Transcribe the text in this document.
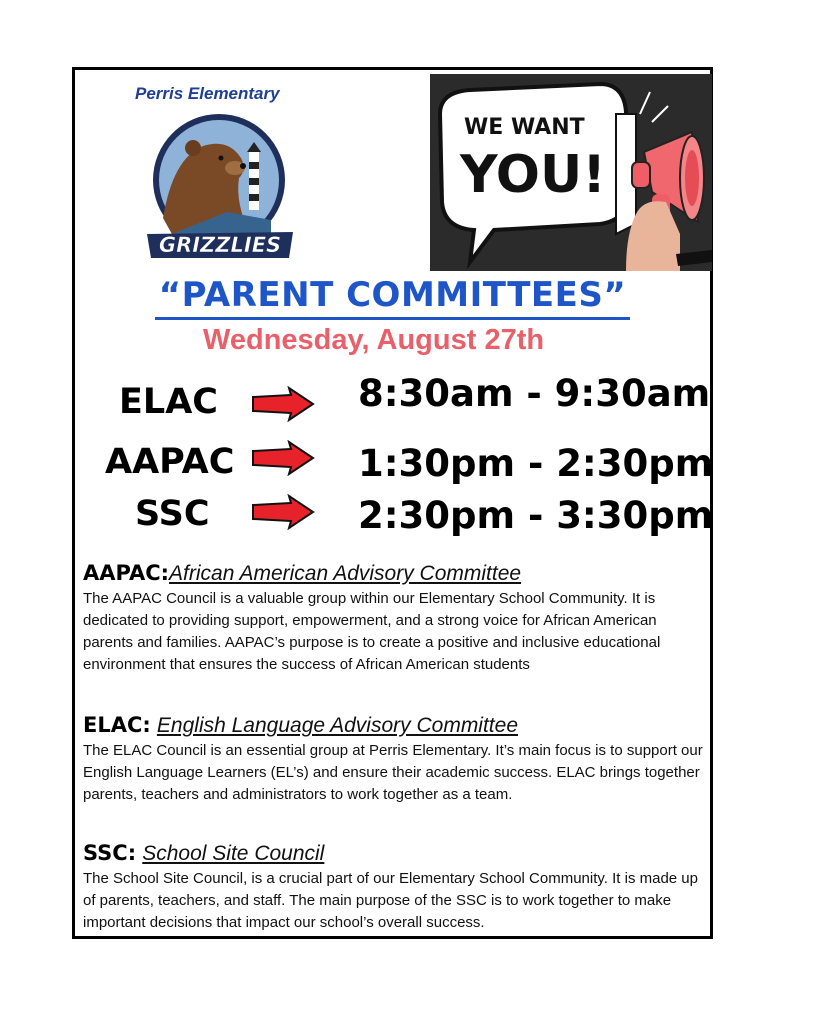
Perris Elementary
GRIZZLIES
WE WANT
YOU!
“PARENT COMMITTEES”
Wednesday, August 27th
ELAC	8:30am - 9:30am
AAPAC	1:30pm - 2:30pm
SSC	2:30pm - 3:30pm
AAPAC:African American Advisory Committee

The AAPAC Council is a valuable group within our Elementary School Community. It is dedicated to providing support, empowerment, and a strong voice for African American parents and families. AAPAC’s purpose is to create a positive and inclusive educational environment that ensures the success of African American students

ELAC: English Language Advisory Committee

The ELAC Council is an essential group at Perris Elementary. It’s main focus is to support our English Language Learners (EL’s) and ensure their academic success. ELAC brings together parents, teachers and administrators to work together as a team.

SSC: School Site Council

The School Site Council, is a crucial part of our Elementary School Community. It is made up of parents, teachers, and staff. The main purpose of the SSC is to work together to make important decisions that impact our school’s overall success.
